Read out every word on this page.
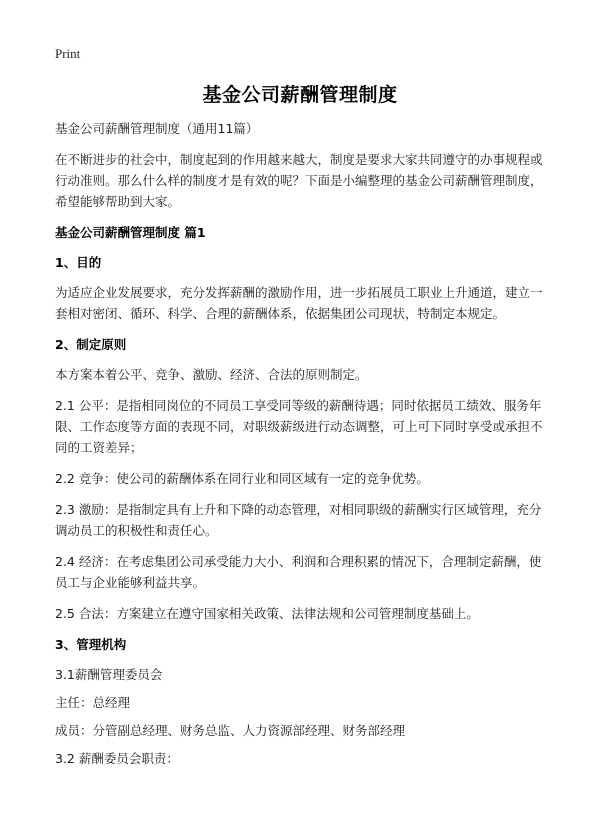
Print
基金公司薪酬管理制度

基金公司薪酬管理制度（通用11篇）

在不断进步的社会中，制度起到的作用越来越大，制度是要求大家共同遵守的办事规程或行动准则。那么什么样的制度才是有效的呢？下面是小编整理的基金公司薪酬管理制度，希望能够帮助到大家。

基金公司薪酬管理制度 篇1
1、目的

为适应企业发展要求，充分发挥薪酬的激励作用，进一步拓展员工职业上升通道，建立一套相对密闭、循环、科学、合理的薪酬体系，依据集团公司现状，特制定本规定。

2、制定原则

本方案本着公平、竞争、激励、经济、合法的原则制定。

2.1 公平：是指相同岗位的不同员工享受同等级的薪酬待遇；同时依据员工绩效、服务年限、工作态度等方面的表现不同，对职级薪级进行动态调整，可上可下同时享受或承担不同的工资差异；

2.2 竞争：使公司的薪酬体系在同行业和同区域有一定的竞争优势。

2.3 激励：是指制定具有上升和下降的动态管理，对相同职级的薪酬实行区域管理，充分调动员工的积极性和责任心。

2.4 经济：在考虑集团公司承受能力大小、利润和合理积累的情况下，合理制定薪酬，使员工与企业能够利益共享。

2.5 合法：方案建立在遵守国家相关政策、法律法规和公司管理制度基础上。

3、管理机构

3.1薪酬管理委员会

主任：总经理

成员：分管副总经理、财务总监、人力资源部经理、财务部经理

3.2 薪酬委员会职责：
